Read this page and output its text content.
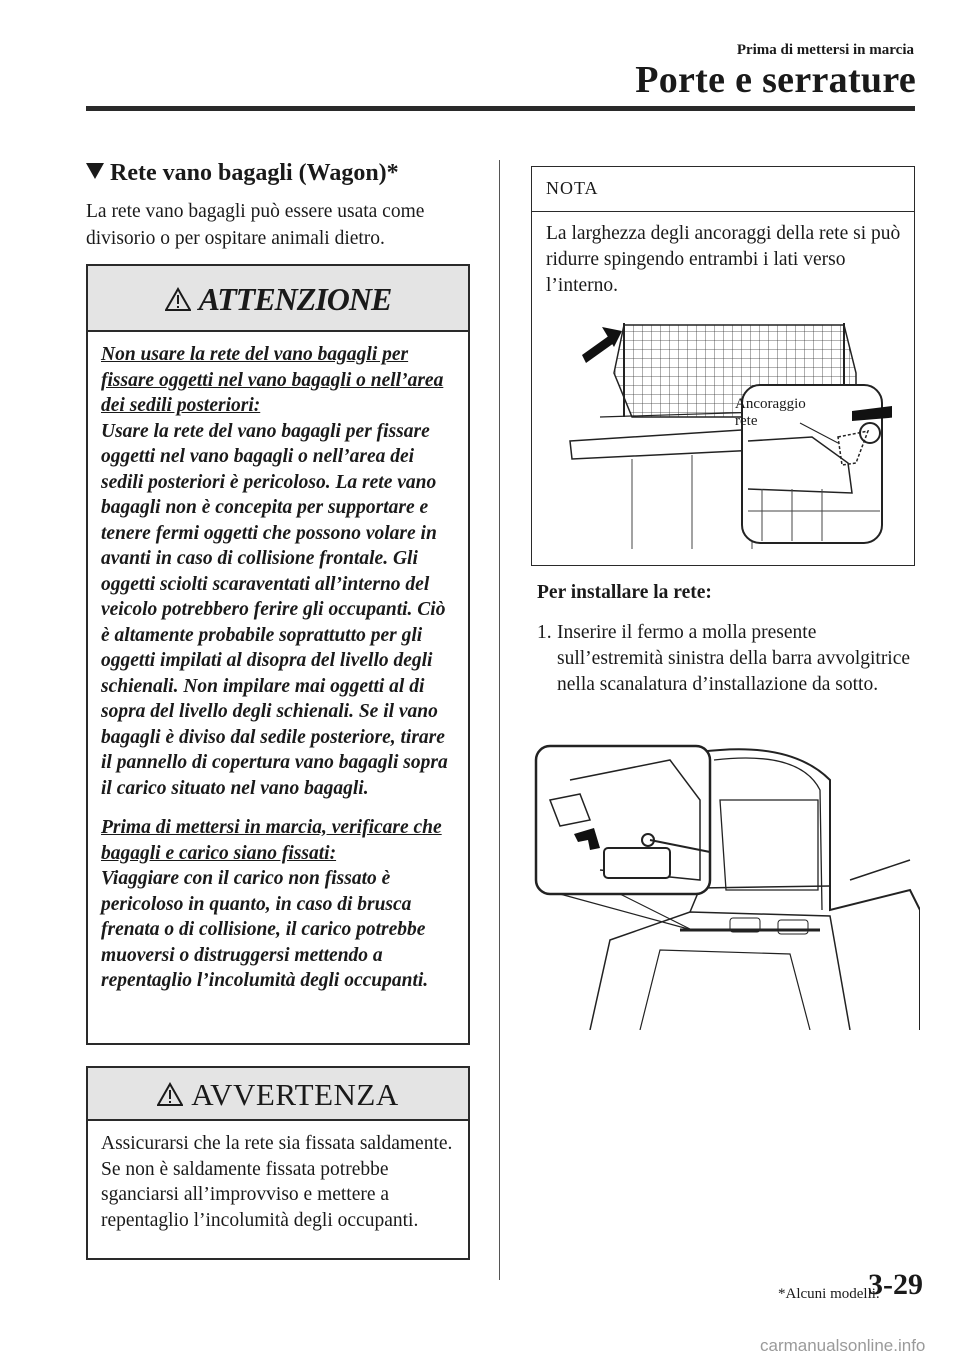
Prima di mettersi in marcia
Porte e serrature
Rete vano bagagli (Wagon)*
La rete vano bagagli può essere usata come divisorio o per ospitare animali dietro.
ATTENZIONE

Non usare la rete del vano bagagli per fissare oggetti nel vano bagagli o nell’area dei sedili posteriori:
Usare la rete del vano bagagli per fissare oggetti nel vano bagagli o nell’area dei sedili posteriori è pericoloso. La rete vano bagagli non è concepita per supportare e tenere fermi oggetti che possono volare in avanti in caso di collisione frontale. Gli oggetti sciolti scaraventati all’interno del veicolo potrebbero ferire gli occupanti. Ciò è altamente probabile soprattutto per gli oggetti impilati al disopra del livello degli schienali. Non impilare mai oggetti al di sopra del livello degli schienali. Se il vano bagagli è diviso dal sedile posteriore, tirare il pannello di copertura vano bagagli sopra il carico situato nel vano bagagli.

Prima di mettersi in marcia, verificare che bagagli e carico siano fissati:
Viaggiare con il carico non fissato è pericoloso in quanto, in caso di brusca frenata o di collisione, il carico potrebbe muoversi o distruggersi mettendo a repentaglio l’incolumità degli occupanti.

AVVERTENZA
Assicurarsi che la rete sia fissata saldamente. Se non è saldamente fissata potrebbe sganciarsi all’improvviso e mettere a repentaglio l’incolumità degli occupanti.
NOTA
La larghezza degli ancoraggi della rete si può ridurre spingendo entrambi i lati verso l’interno.
Ancoraggio
rete
Per installare la rete:
1. Inserire il fermo a molla presente sull’estremità sinistra della barra avvolgitrice nella scanalatura d’installazione da sotto.
*Alcuni modelli.
3-29
carmanualsonline.info
